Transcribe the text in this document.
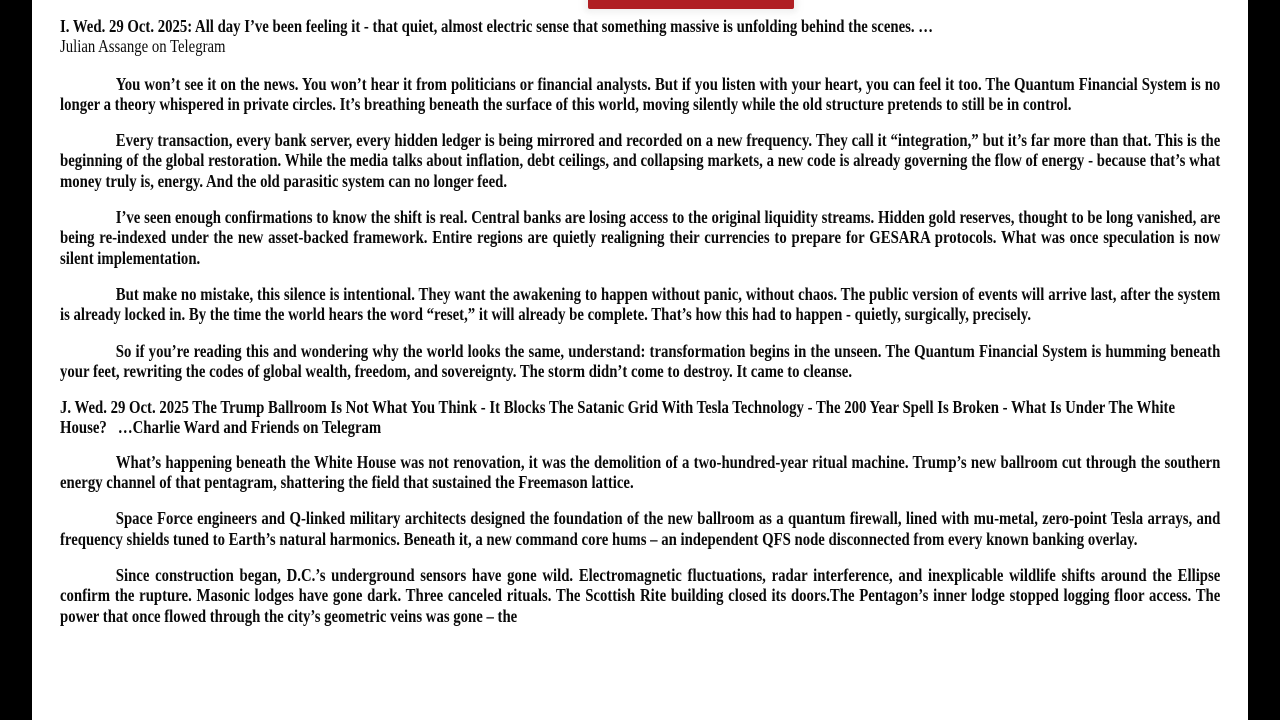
I. Wed. 29 Oct. 2025: All day I’ve been feeling it - that quiet, almost electric sense that something massive is unfolding behind the scenes. …
Julian Assange on Telegram

You won’t see it on the news. You won’t hear it from politicians or financial analysts. But if you listen with your heart, you can feel it too. The Quantum Financial System is no longer a theory whispered in private circles. It’s breathing beneath the surface of this world, moving silently while the old structure pretends to still be in control.

Every transaction, every bank server, every hidden ledger is being mirrored and recorded on a new frequency. They call it “integration,” but it’s far more than that. This is the beginning of the global restoration. While the media talks about inflation, debt ceilings, and collapsing markets, a new code is already governing the flow of energy - because that’s what money truly is, energy. And the old parasitic system can no longer feed.

I’ve seen enough confirmations to know the shift is real. Central banks are losing access to the original liquidity streams. Hidden gold reserves, thought to be long vanished, are being re-indexed under the new asset-backed framework. Entire regions are quietly realigning their currencies to prepare for GESARA protocols. What was once speculation is now silent implementation.

But make no mistake, this silence is intentional. They want the awakening to happen without panic, without chaos. The public version of events will arrive last, after the system is already locked in. By the time the world hears the word “reset,” it will already be complete. That’s how this had to happen - quietly, surgically, precisely.

So if you’re reading this and wondering why the world looks the same, understand: transformation begins in the unseen. The Quantum Financial System is humming beneath your feet, rewriting the codes of global wealth, freedom, and sovereignty. The storm didn’t come to destroy. It came to cleanse.

J. Wed. 29 Oct. 2025 The Trump Ballroom Is Not What You Think - It Blocks The Satanic Grid With Tesla Technology - The 200 Year Spell Is Broken - What Is Under The White House?   …Charlie Ward and Friends on Telegram

What’s happening beneath the White House was not renovation, it was the demolition of a two-hundred-year ritual machine. Trump’s new ballroom cut through the southern energy channel of that pentagram, shattering the field that sustained the Freemason lattice.

Space Force engineers and Q-linked military architects designed the foundation of the new ballroom as a quantum firewall, lined with mu-metal, zero-point Tesla arrays, and frequency shields tuned to Earth’s natural harmonics. Beneath it, a new command core hums – an independent QFS node disconnected from every known banking overlay.

Since construction began, D.C.’s underground sensors have gone wild. Electromagnetic fluctuations, radar interference, and inexplicable wildlife shifts around the Ellipse confirm the rupture. Masonic lodges have gone dark. Three canceled rituals. The Scottish Rite building closed its doors.The Pentagon’s inner lodge stopped logging floor access. The power that once flowed through the city’s geometric veins was gone – the
